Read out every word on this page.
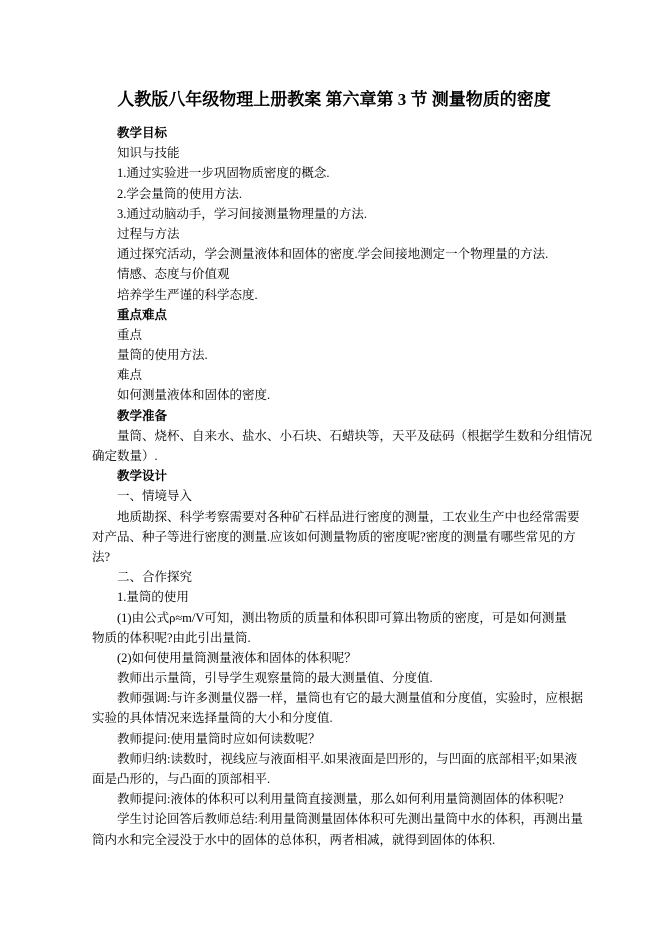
人教版八年级物理上册教案 第六章第 3 节 测量物质的密度
教学目标
知识与技能
1.通过实验进一步巩固物质密度的概念.
2.学会量筒的使用方法.
3.通过动脑动手，学习间接测量物理量的方法.
过程与方法
通过探究活动，学会测量液体和固体的密度.学会间接地测定一个物理量的方法.
情感、态度与价值观
培养学生严谨的科学态度.
重点难点
重点
量筒的使用方法.
难点
如何测量液体和固体的密度.
教学准备
量筒、烧杯、自来水、盐水、小石块、石蜡块等，天平及砝码（根据学生数和分组情况
确定数量）.
教学设计
一、情境导入
地质勘探、科学考察需要对各种矿石样品进行密度的测量，工农业生产中也经常需要
对产品、种子等进行密度的测量.应该如何测量物质的密度呢?密度的测量有哪些常见的方
法?
二、合作探究
1.量筒的使用
(1)由公式ρ≈m/V可知，测出物质的质量和体积即可算出物质的密度，可是如何测量
物质的体积呢?由此引出量筒.
(2)如何使用量筒测量液体和固体的体积呢？
教师出示量筒，引导学生观察量筒的最大测量值、分度值.
教师强调:与许多测量仪器一样，量筒也有它的最大测量值和分度值，实验时，应根据
实验的具体情况来选择量筒的大小和分度值.
教师提问:使用量筒时应如何读数呢？
教师归纳:读数时，视线应与液面相平.如果液面是凹形的，与凹面的底部相平;如果液
面是凸形的，与凸面的顶部相平.
教师提问:液体的体积可以利用量筒直接测量，那么如何利用量筒测固体的体积呢?
学生讨论回答后教师总结:利用量筒测量固体体积可先测出量筒中水的体积，再测出量
筒内水和完全浸没于水中的固体的总体积，两者相减，就得到固体的体积.
